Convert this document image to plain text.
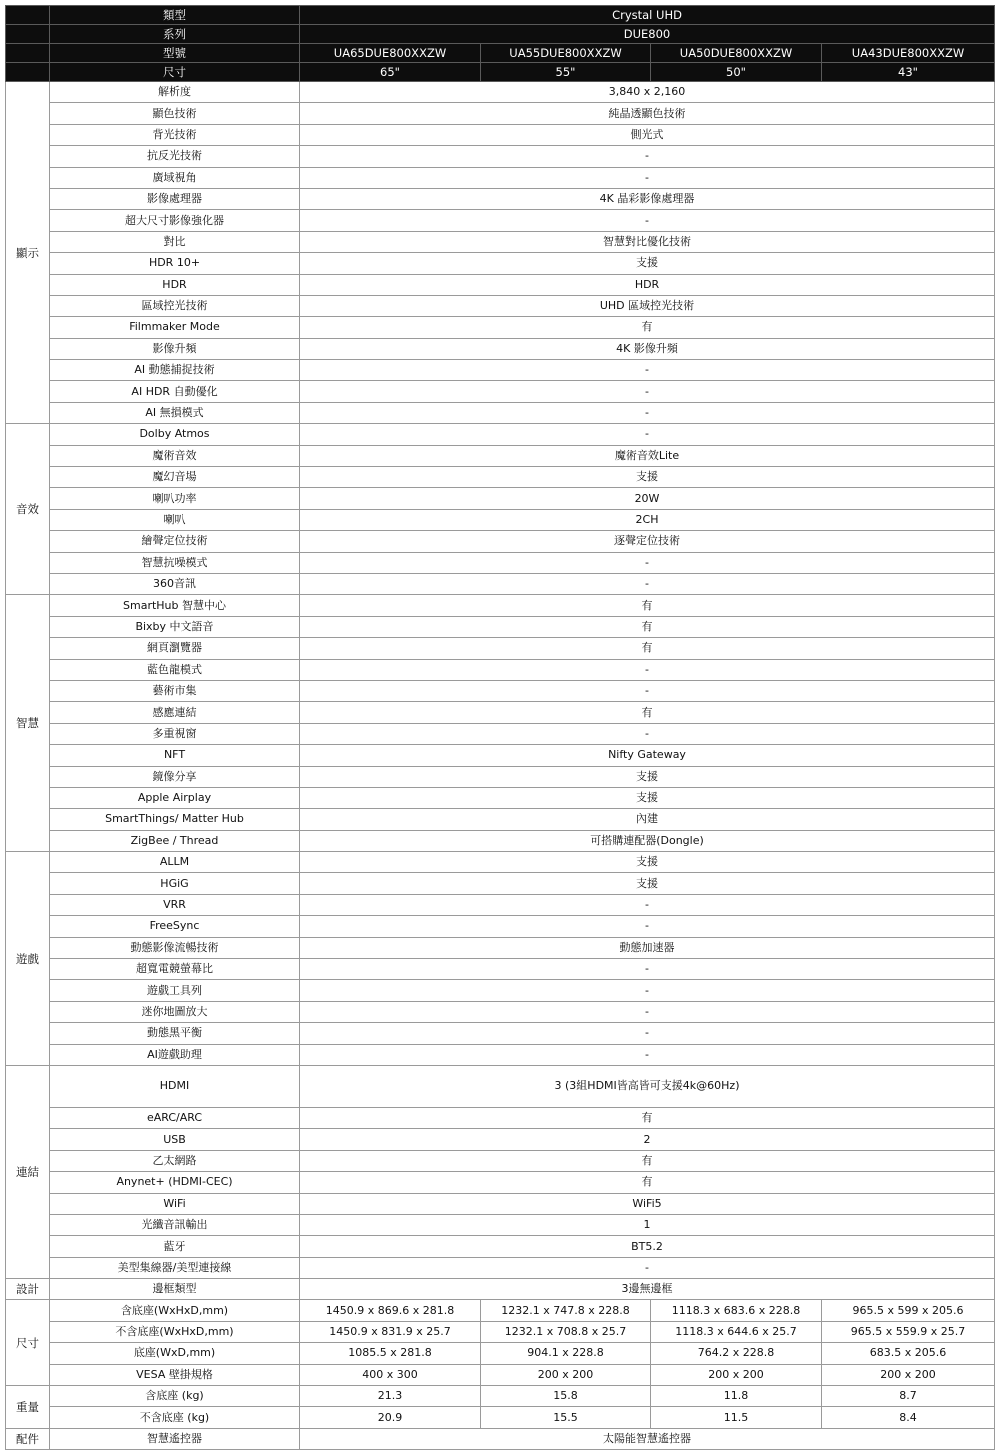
	類型	Crystal UHD			
	系列	DUE800			
	型號	UA65DUE800XXZW	UA55DUE800XXZW	UA50DUE800XXZW	UA43DUE800XXZW
	尺寸	65"	55"	50"	43"
顯示	解析度	3,840 x 2,160			
	顯色技術	純晶透顯色技術			
	背光技術	側光式			
	抗反光技術	-			
	廣域視角	-			
	影像處理器	4K 晶彩影像處理器			
	超大尺寸影像強化器	-			
	對比	智慧對比優化技術			
	HDR 10+	支援			
	HDR	HDR			
	區域控光技術	UHD 區域控光技術			
	Filmmaker Mode	有			
	影像升頻	4K 影像升頻			
	AI 動態捕捉技術	-			
	AI HDR 自動優化	-			
	AI 無損模式	-			
音效	Dolby Atmos	-			
	魔術音效	魔術音效Lite			
	魔幻音場	支援			
	喇叭功率	20W			
	喇叭	2CH			
	繪聲定位技術	逐聲定位技術			
	智慧抗噪模式	-			
	360音訊	-			
智慧	SmartHub 智慧中心	有			
	Bixby 中文語音	有			
	網頁瀏覽器	有			
	藍色龍模式	-			
	藝術市集	-			
	感應連結	有			
	多重視窗	-			
	NFT	Nifty Gateway			
	鏡像分享	支援			
	Apple Airplay	支援			
	SmartThings/ Matter Hub	內建			
	ZigBee / Thread	可搭購連配器(Dongle)			
遊戲	ALLM	支援			
	HGiG	支援			
	VRR	-			
	FreeSync	-			
	動態影像流暢技術	動態加速器			
	超寬電競螢幕比	-			
	遊戲工具列	-			
	迷你地圖放大	-			
	動態黑平衡	-			
	AI遊戲助理	-			
連結	HDMI	3 (3組HDMI皆高皆可支援4k@60Hz)			
	eARC/ARC	有			
	USB	2			
	乙太網路	有			
	Anynet+ (HDMI-CEC)	有			
	WiFi	WiFi5			
	光纖音訊輸出	1			
	藍牙	BT5.2			
	美型集線器/美型連接線	-			
設計	邊框類型	3邊無邊框			
尺寸	含底座(WxHxD,mm)	1450.9 x 869.6 x 281.8	1232.1 x 747.8 x 228.8	1118.3 x 683.6 x 228.8	965.5 x 599 x 205.6
	不含底座(WxHxD,mm)	1450.9 x 831.9 x 25.7	1232.1 x 708.8 x 25.7	1118.3 x 644.6 x 25.7	965.5 x 559.9 x 25.7
	底座(WxD,mm)	1085.5 x 281.8	904.1 x 228.8	764.2 x 228.8	683.5 x 205.6
	VESA 壁掛規格	400 x 300	200 x 200	200 x 200	200 x 200
重量	含底座 (kg)	21.3	15.8	11.8	8.7
	不含底座 (kg)	20.9	15.5	11.5	8.4
配件	智慧遙控器	太陽能智慧遙控器			
